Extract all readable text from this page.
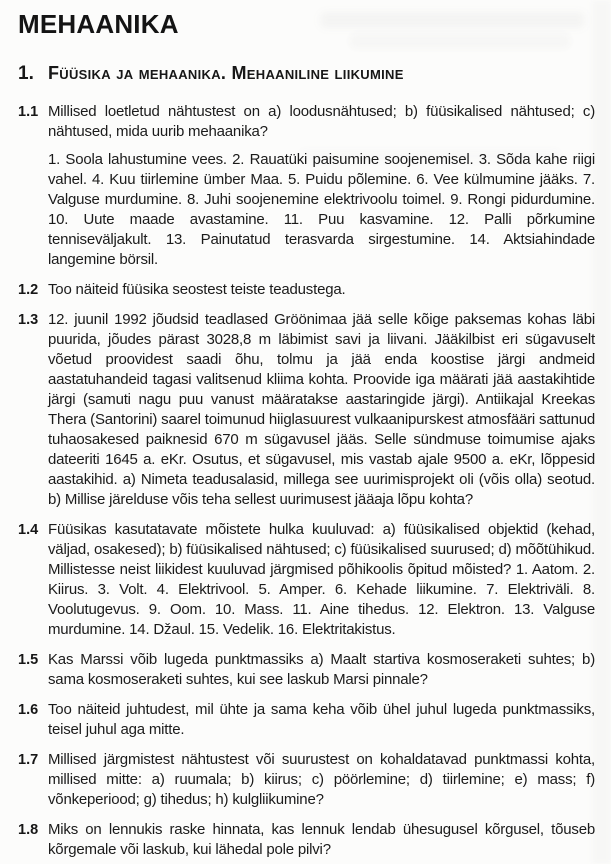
MEHAANIKA
1. Füüsika ja mehaanika. Mehaaniline liikumine
1.1 Millised loetletud nähtustest on a) loodusnähtused; b) füüsikalised nähtused; c) nähtused, mida uurib mehaanika?

1. Soola lahustumine vees. 2. Rauatüki paisumine soojenemisel. 3. Sõda kahe riigi vahel. 4. Kuu tiirlemine ümber Maa. 5. Puidu põlemine. 6. Vee külmumine jääks. 7. Valguse murdumine. 8. Juhi soojenemine elektrivoolu toimel. 9. Rongi pidurdumine. 10. Uute maade avastamine. 11. Puu kasvamine. 12. Palli põrkumine tenniseväljakult. 13. Painutatud terasvarda sirgestumine. 14. Aktsiahindade langemine börsil.

1.2 Too näiteid füüsika seostest teiste teadustega.

1.3 12. juunil 1992 jõudsid teadlased Gröönimaa jää selle kõige paksemas kohas läbi puurida, jõudes pärast 3028,8 m läbimist savi ja liivani. Jääkilbist eri sügavuselt võetud proovidest saadi õhu, tolmu ja jää enda koostise järgi andmeid aastatuhandeid tagasi valitsenud kliima kohta. Proovide iga määrati jää aastakihtide järgi (samuti nagu puu vanust määratakse aastaringide järgi). Antiikajal Kreekas Thera (Santorini) saarel toimunud hiiglasuurest vulkaanipurskest atmosfääri sattunud tuhaosakesed paiknesid 670 m sügavusel jääs. Selle sündmuse toimumise ajaks dateeriti 1645 a. eKr. Osutus, et sügavusel, mis vastab ajale 9500 a. eKr, lõppesid aastakihid. a) Nimeta teadusalasid, millega see uurimisprojekt oli (võis olla) seotud. b) Millise järelduse võis teha sellest uurimusest jääaja lõpu kohta?

1.4 Füüsikas kasutatavate mõistete hulka kuuluvad: a) füüsikalised objektid (kehad, väljad, osakesed); b) füüsikalised nähtused; c) füüsikalised suurused; d) mõõtühikud. Millistesse neist liikidest kuuluvad järgmised põhikoolis õpitud mõisted? 1. Aatom. 2. Kiirus. 3. Volt. 4. Elektrivool. 5. Amper. 6. Kehade liikumine. 7. Elektriväli. 8. Voolutugevus. 9. Oom. 10. Mass. 11. Aine tihedus. 12. Elektron. 13. Valguse murdumine. 14. Džaul. 15. Vedelik. 16. Elektritakistus.

1.5 Kas Marssi võib lugeda punktmassiks a) Maalt startiva kosmoseraketi suhtes; b) sama kosmoseraketi suhtes, kui see laskub Marsi pinnale?

1.6 Too näiteid juhtudest, mil ühte ja sama keha võib ühel juhul lugeda punktmassiks, teisel juhul aga mitte.

1.7 Millised järgmistest nähtustest või suurustest on kohaldatavad punktmassi kohta, millised mitte: a) ruumala; b) kiirus; c) pöörlemine; d) tiirlemine; e) mass; f) võnkeperiood; g) tihedus; h) kulgliikumine?

1.8 Miks on lennukis raske hinnata, kas lennuk lendab ühesugusel kõrgusel, tõuseb kõrgemale või laskub, kui lähedal pole pilvi?
